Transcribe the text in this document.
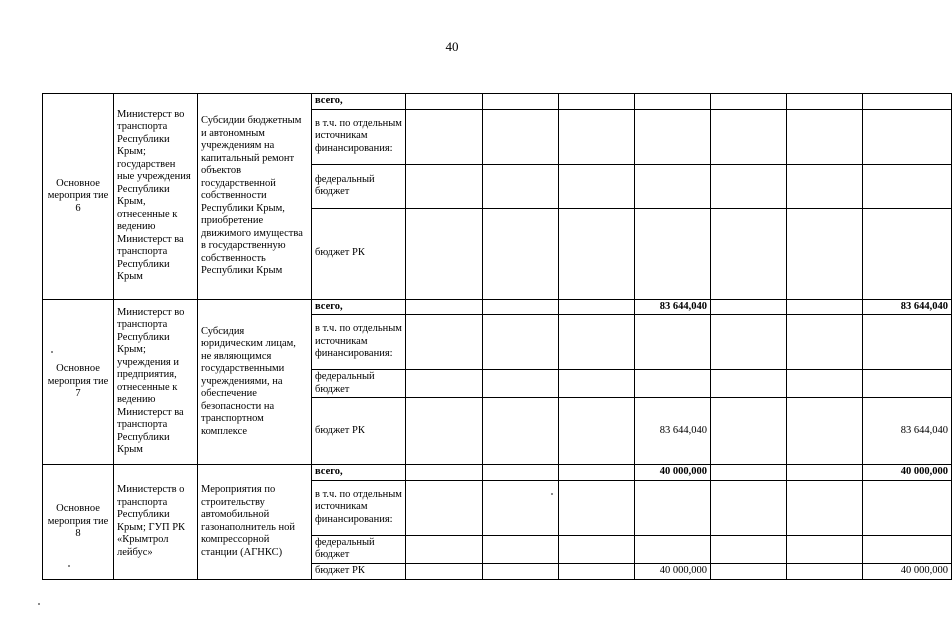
40
Основное мероприя тие 6	Министерст во транспорта Республики Крым; государствен ные учреждения Республики Крым, отнесенные к ведению Министерст ва транспорта Республики Крым	Субсидии бюджетным и автономным учреждениям на капитальный ремонт объектов государственной собственности Республики Крым, приобретение движимого имущества в государственную собственность Республики Крым	всего,							
			в т.ч. по отдельным источникам финансирования:							
			федеральный бюджет							
			бюджет РК							
Основное мероприя тие 7	Министерст во транспорта Республики Крым; учреждения и предприятия, отнесенные к ведению Министерст ва транспорта Республики Крым	Субсидия юридическим лицам, не являющимся государственными учреждениями, на обеспечение безопасности на транспортном комплексе	всего,				83 644,040			83 644,040
			в т.ч. по отдельным источникам финансирования:							
			федеральный бюджет							
			бюджет РК				83 644,040			83 644,040
Основное мероприя тие 8	Министерств о транспорта Республики Крым; ГУП РК «Крымтрол лейбус»	Мероприятия по строительству автомобильной газонаполнитель ной компрессорной станции (АГНКС)	всего,				40 000,000			40 000,000
			в т.ч. по отдельным источникам финансирования:							
			федеральный бюджет							
			бюджет РК				40 000,000			40 000,000
